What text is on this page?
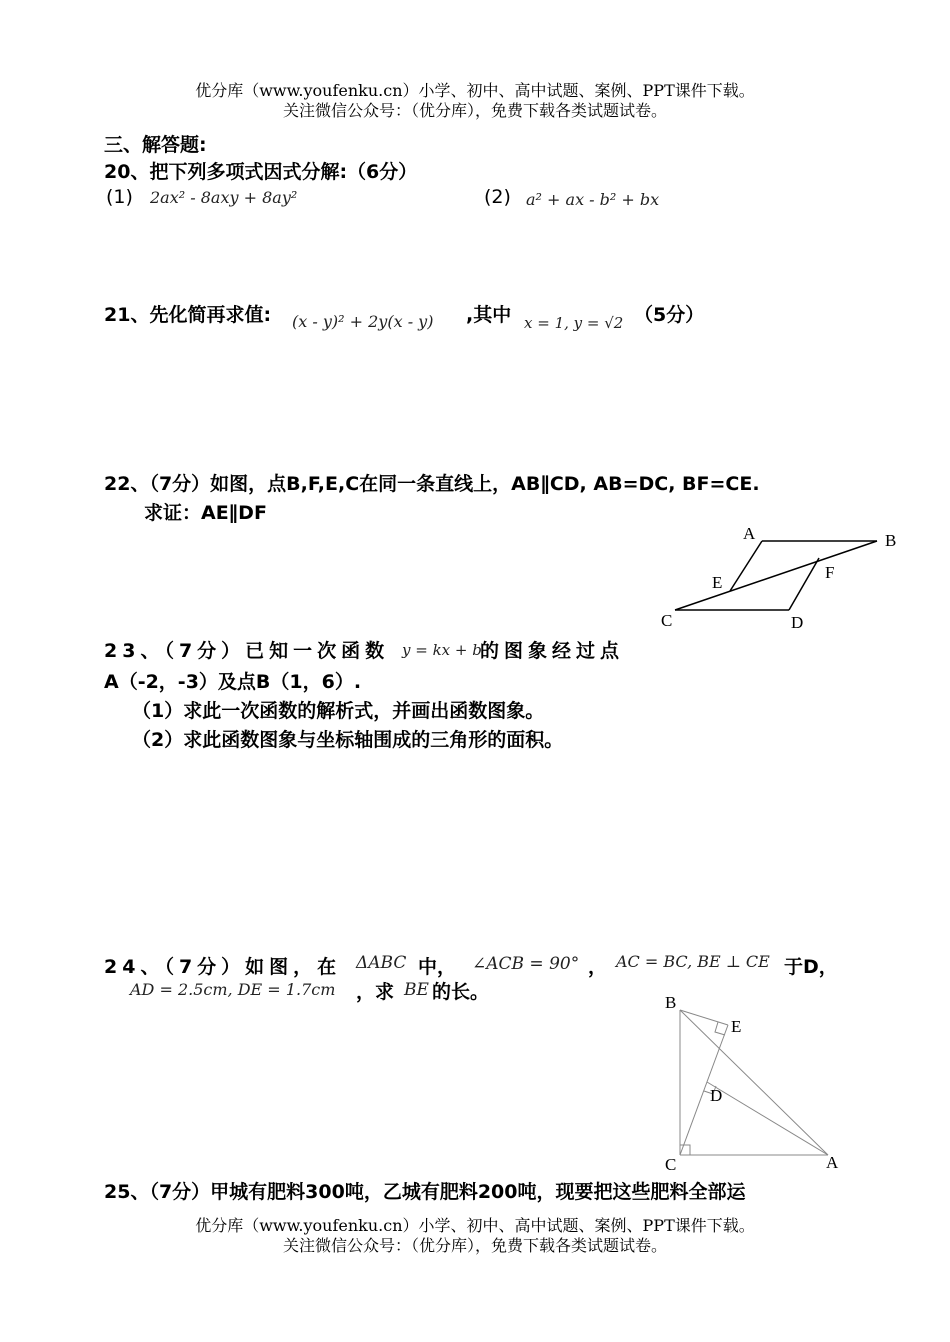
优分库（www.youfenku.cn）小学、初中、高中试题、案例、PPT课件下载。
关注微信公众号：（优分库），免费下载各类试题试卷。
三、解答题:
20、把下列多项式因式分解:（6分）
(1) 2ax² - 8axy + 8ay²	(2) a² + ax - b² + bx
21、先化简再求值: (x - y)² + 2y(x - y) ,其中 x = 1, y = √2 （5分）
22、（7分）如图，点B,F,E,C在同一条直线上，AB∥CD, AB=DC, BF=CE.
求证：AE∥DF
A	B
E
F
C	D
23、（7分）已知一次函数 y = kx + b
的图象经过点
A（-2，-3）及点B（1，6）.
（1）求此一次函数的解析式，并画出函数图象。
（2）求此函数图象与坐标轴围成的三角形的面积。
24、（7分）如图，在 ΔABC 中， ∠ACB = 90° ， AC = BC, BE ⊥ CE 于D，
AD = 2.5cm, DE = 1.7cm ，求 BE 的长。	B
E
D
C	A
25、（7分）甲城有肥料300吨，乙城有肥料200吨，现要把这些肥料全部运
优分库（www.youfenku.cn）小学、初中、高中试题、案例、PPT课件下载。
关注微信公众号：（优分库），免费下载各类试题试卷。
